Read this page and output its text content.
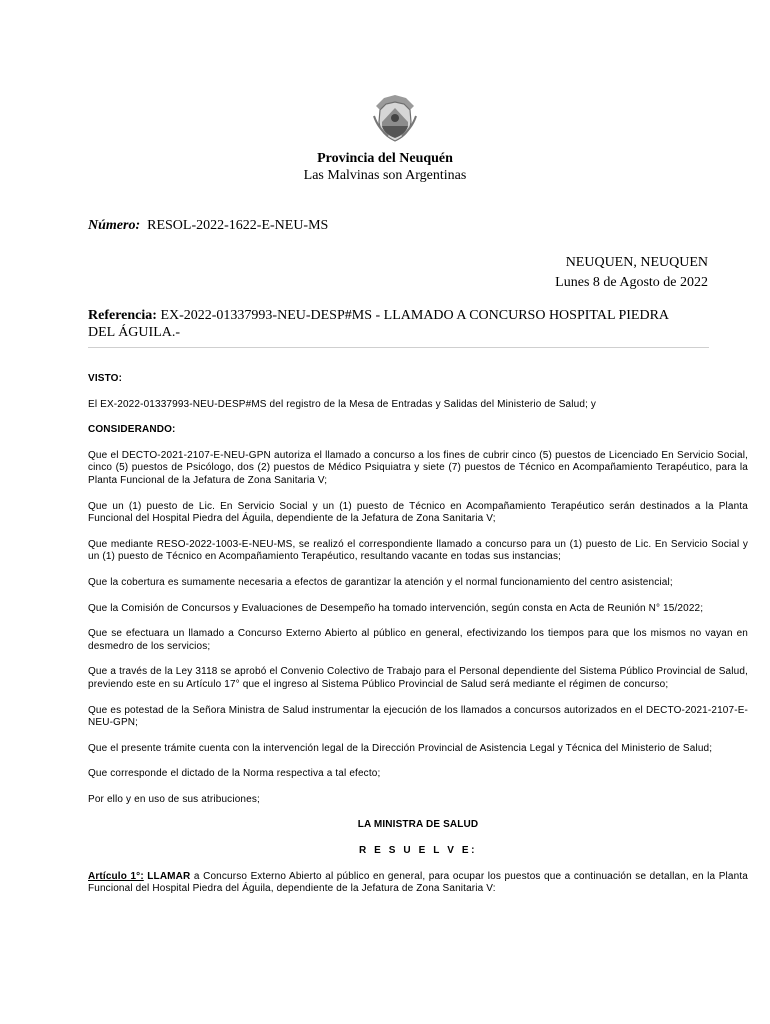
Provincia del Neuquén
Las Malvinas son Argentinas
Número: RESOL-2022-1622-E-NEU-MS
NEUQUEN, NEUQUEN
Lunes 8 de Agosto de 2022
Referencia: EX-2022-01337993-NEU-DESP#MS - LLAMADO A CONCURSO HOSPITAL PIEDRA DEL ÁGUILA.-

VISTO:

El EX-2022-01337993-NEU-DESP#MS del registro de la Mesa de Entradas y Salidas del Ministerio de Salud; y

CONSIDERANDO:

Que el DECTO-2021-2107-E-NEU-GPN autoriza el llamado a concurso a los fines de cubrir cinco (5) puestos de Licenciado En Servicio Social, cinco (5) puestos de Psicólogo, dos (2) puestos de Médico Psiquiatra y siete (7) puestos de Técnico en Acompañamiento Terapéutico, para la Planta Funcional de la Jefatura de Zona Sanitaria V;

Que un (1) puesto de Lic. En Servicio Social y un (1) puesto de Técnico en Acompañamiento Terapéutico serán destinados a la Planta Funcional del Hospital Piedra del Águila, dependiente de la Jefatura de Zona Sanitaria V;

Que mediante RESO-2022-1003-E-NEU-MS, se realizó el correspondiente llamado a concurso para un (1) puesto de Lic. En Servicio Social y un (1) puesto de Técnico en Acompañamiento Terapéutico, resultando vacante en todas sus instancias;

Que la cobertura es sumamente necesaria a efectos de garantizar la atención y el normal funcionamiento del centro asistencial;

Que la Comisión de Concursos y Evaluaciones de Desempeño ha tomado intervención, según consta en Acta de Reunión N° 15/2022;

Que se efectuara un llamado a Concurso Externo Abierto al público en general, efectivizando los tiempos para que los mismos no vayan en desmedro de los servicios;

Que a través de la Ley 3118 se aprobó el Convenio Colectivo de Trabajo para el Personal dependiente del Sistema Público Provincial de Salud, previendo este en su Artículo 17° que el ingreso al Sistema Público Provincial de Salud será mediante el régimen de concurso;

Que es potestad de la Señora Ministra de Salud instrumentar la ejecución de los llamados a concursos autorizados en el DECTO-2021-2107-E-NEU-GPN;

Que el presente trámite cuenta con la intervención legal de la Dirección Provincial de Asistencia Legal y Técnica del Ministerio de Salud;

Que corresponde el dictado de la Norma respectiva a tal efecto;

Por ello y en uso de sus atribuciones;

LA MINISTRA DE SALUD

R E S U E L V E:

Artículo 1°: LLAMAR a Concurso Externo Abierto al público en general, para ocupar los puestos que a continuación se detallan, en la Planta Funcional del Hospital Piedra del Águila, dependiente de la Jefatura de Zona Sanitaria V:
